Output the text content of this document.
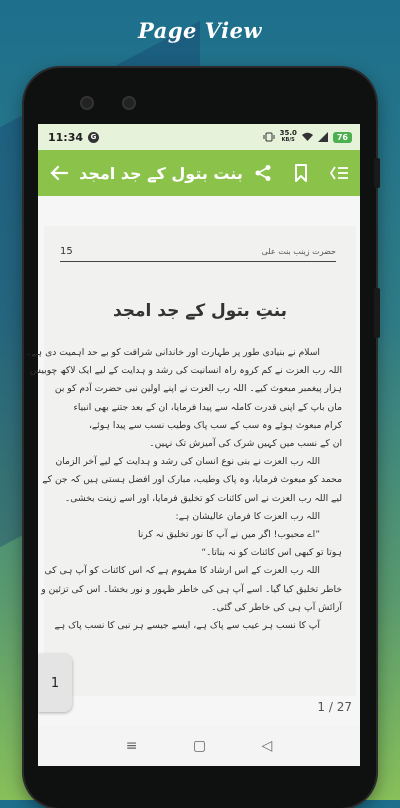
Page View
11:34	G	35.0
KB/S	76
بنت بتول کے جد امجد
15	حضرت زینب بنت علی
بنتِ بتول کے جد امجد
اسلام نے بنیادی طور پر طہارت اور خاندانی شرافت کو بے حد اہمیت دی ہے۔
اللہ رب العزت نے کم کروہ راہ انسانیت کی رشد و ہدایت کے لیے ایک لاکھ چوبیس
ہزار پیغمبر مبعوث کیے۔ اللہ رب العزت نے اپنے اولین نبی حضرت آدم کو بن
ماں باپ کے اپنی قدرت کاملہ سے پیدا فرمایا، ان کے بعد جتنے بھی انبیاء
کرام مبعوث ہوئے وہ سب کے سب پاک وطیب نسب سے پیدا ہوئے،
ان کے نسب میں کہیں شرک کی آمیزش تک نہیں۔
اللہ رب العزت نے بنی نوع انسان کی رشد و ہدایت کے لیے آخر الزمان
محمد کو مبعوث فرمایا، وہ پاک وطیب، مبارک اور افضل ہستی ہیں کہ جن کے
لیے اللہ رب العزت نے اس کائنات کو تخلیق فرمایا، اور اسے زینت بخشی۔
اللہ رب العزت کا فرمان عالیشان ہے:
”اے محبوب! اگر میں نے آپ کا نور تخلیق نہ کرنا
ہوتا تو کبھی اس کائنات کو نہ بناتا۔“
اللہ رب العزت کے اس ارشاد کا مفہوم ہے کہ اس کائنات کو آپ ہی کی
خاطر تخلیق کیا گیا۔ اسے آپ ہی کی خاطر ظہور و نور بخشا۔ اس کی تزئین و
آرائش آپ ہی کی خاطر کی گئی۔
آپ کا نسب ہر عیب سے پاک ہے، ایسے جیسے ہر نبی کا نسب پاک ہے
1 / 27
1
≡	▢	◁
